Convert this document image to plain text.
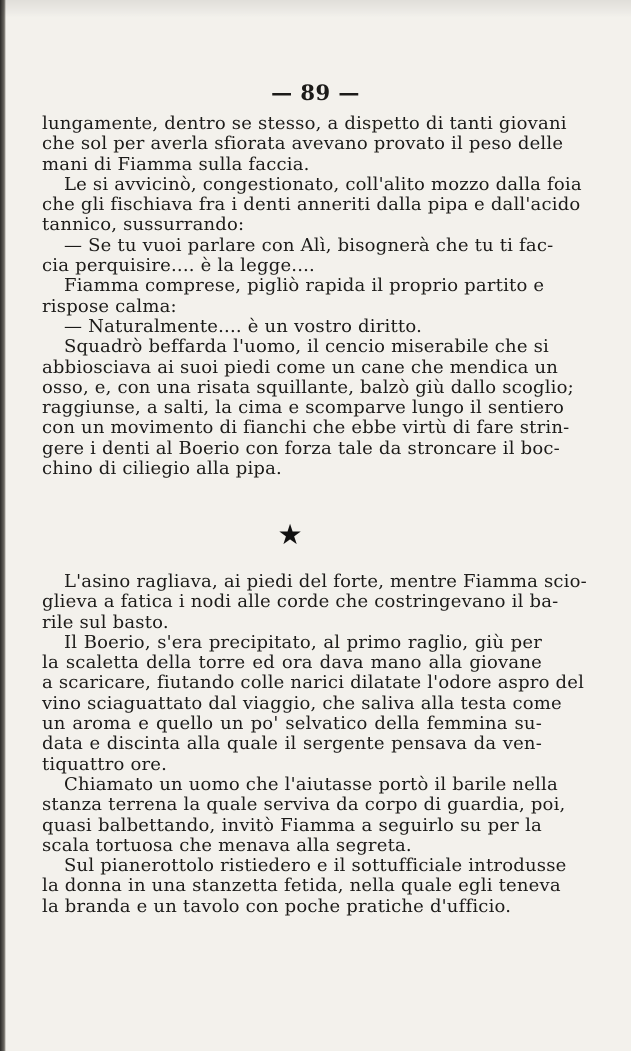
— 89 —
lungamente, dentro se stesso, a dispetto di tanti giovani
che sol per averla sfiorata avevano provato il peso delle
mani di Fiamma sulla faccia.
Le si avvicinò, congestionato, coll'alito mozzo dalla foia
che gli fischiava fra i denti anneriti dalla pipa e dall'acido
tannico, sussurrando:
— Se tu vuoi parlare con Alì, bisognerà che tu ti fac-
cia perquisire.... è la legge....
Fiamma comprese, pigliò rapida il proprio partito e
rispose calma:
— Naturalmente.... è un vostro diritto.
Squadrò beffarda l'uomo, il cencio miserabile che si
abbiosciava ai suoi piedi come un cane che mendica un
osso, e, con una risata squillante, balzò giù dallo scoglio;
raggiunse, a salti, la cima e scomparve lungo il sentiero
con un movimento di fianchi che ebbe virtù di fare strin-
gere i denti al Boerio con forza tale da stroncare il boc-
chino di ciliegio alla pipa.
★
L'asino ragliava, ai piedi del forte, mentre Fiamma scio-
glieva a fatica i nodi alle corde che costringevano il ba-
rile sul basto.
Il Boerio, s'era precipitato, al primo raglio, giù per
la scaletta della torre ed ora dava mano alla giovane
a scaricare, fiutando colle narici dilatate l'odore aspro del
vino sciaguattato dal viaggio, che saliva alla testa come
un aroma e quello un po' selvatico della femmina su-
data e discinta alla quale il sergente pensava da ven-
tiquattro ore.
Chiamato un uomo che l'aiutasse portò il barile nella
stanza terrena la quale serviva da corpo di guardia, poi,
quasi balbettando, invitò Fiamma a seguirlo su per la
scala tortuosa che menava alla segreta.
Sul pianerottolo ristiedero e il sottufficiale introdusse
la donna in una stanzetta fetida, nella quale egli teneva
la branda e un tavolo con poche pratiche d'ufficio.
